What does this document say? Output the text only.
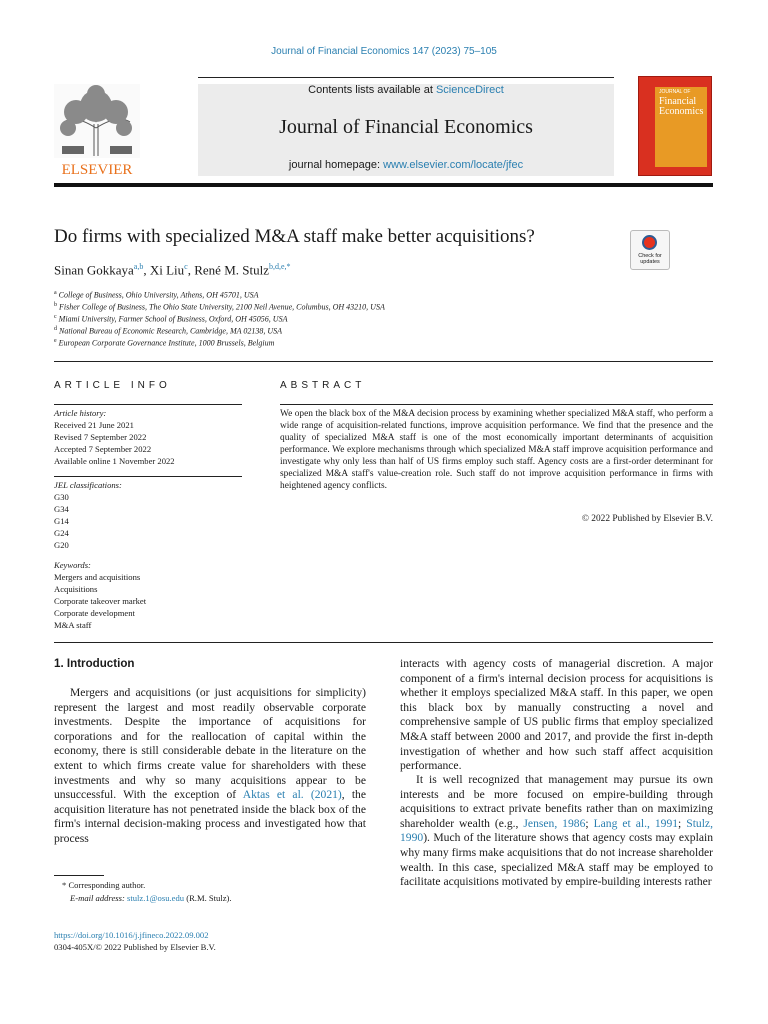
Journal of Financial Economics 147 (2023) 75–105
ELSEVIER
Contents lists available at ScienceDirect
Journal of Financial Economics
journal homepage: www.elsevier.com/locate/jfec
JOURNAL OF
Financial
Economics
Do firms with specialized M&A staff make better acquisitions?
Check for updates
Sinan Gokkaya$^{a,b}$, Xi Liu$^c$, René M. Stulz$^{b,d,e,*}$
$^a$ College of Business, Ohio University, Athens, OH 45701, USA
$^b$ Fisher College of Business, The Ohio State University, 2100 Neil Avenue, Columbus, OH 43210, USA
$^c$ Miami University, Farmer School of Business, Oxford, OH 45056, USA
$^d$ National Bureau of Economic Research, Cambridge, MA 02138, USA
$^e$ European Corporate Governance Institute, 1000 Brussels, Belgium
ARTICLE INFO
Article history:
Received 21 June 2021
Revised 7 September 2022
Accepted 7 September 2022
Available online 1 November 2022
JEL classifications:
G30
G34
G14
G24
G20
Keywords:
Mergers and acquisitions
Acquisitions
Corporate takeover market
Corporate development
M&A staff
ABSTRACT
We open the black box of the M&A decision process by examining whether specialized M&A staff, who perform a wide range of acquisition-related functions, improve acquisition performance. We find that the presence and the quality of specialized M&A staff is one of the most economically important determinants of acquisition performance. We explore mechanisms through which specialized M&A staff improve acquisition performance and investigate why only less than half of US firms employ such staff. Agency costs are a first-order determinant for specialized M&A staff's value-creation role. Such staff do not improve acquisition performance in firms with heightened agency conflicts.
© 2022 Published by Elsevier B.V.
1. Introduction
Mergers and acquisitions (or just acquisitions for simplicity) represent the largest and most readily observable corporate investments. Despite the importance of acquisitions for corporations and for the reallocation of capital within the economy, there is still considerable debate in the literature on the extent to which firms create value for shareholders with these investments and why so many acquisitions appear to be unsuccessful. With the exception of Aktas et al. (2021), the acquisition literature has not penetrated inside the black box of the firm's internal decision-making process and investigated how that process
interacts with agency costs of managerial discretion. A major component of a firm's internal decision process for acquisitions is whether it employs specialized M&A staff. In this paper, we open this black box by manually constructing a novel and comprehensive sample of US public firms that employ specialized M&A staff between 2000 and 2017, and provide the first in-depth investigation of whether and how such staff affect acquisition performance.
It is well recognized that management may pursue its own interests and be more focused on empire-building through acquisitions to extract private benefits rather than on maximizing shareholder wealth (e.g., Jensen, 1986; Lang et al., 1991; Stulz, 1990). Much of the literature shows that agency costs may explain why many firms make acquisitions that do not increase shareholder wealth. In this case, specialized M&A staff may be employed to facilitate acquisitions motivated by empire-building interests rather
* Corresponding author.
E-mail address: stulz.1@osu.edu (R.M. Stulz).
https://doi.org/10.1016/j.jfineco.2022.09.002
0304-405X/© 2022 Published by Elsevier B.V.
